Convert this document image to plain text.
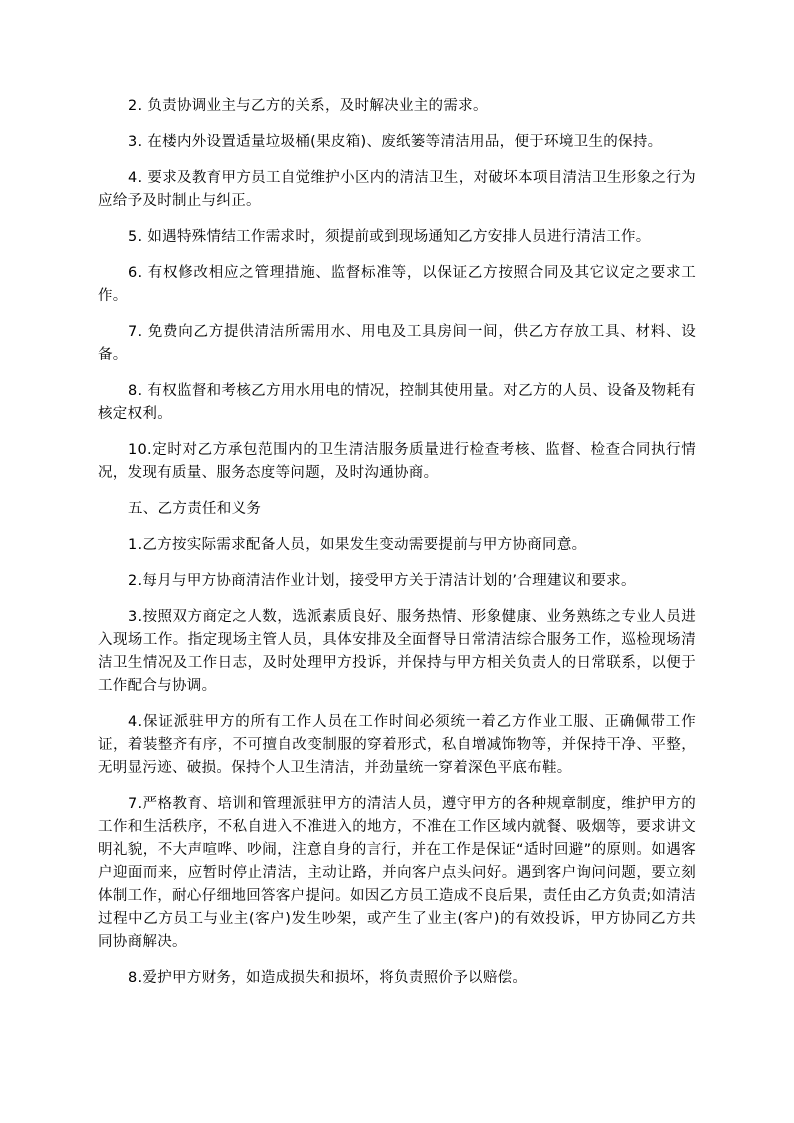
2. 负责协调业主与乙方的关系，及时解决业主的需求。

3. 在楼内外设置适量垃圾桶(果皮箱)、废纸篓等清洁用品，便于环境卫生的保持。

4. 要求及教育甲方员工自觉维护小区内的清洁卫生，对破坏本项目清洁卫生形象之行为应给予及时制止与纠正。

5. 如遇特殊情结工作需求时，须提前或到现场通知乙方安排人员进行清洁工作。

6. 有权修改相应之管理措施、监督标准等，以保证乙方按照合同及其它议定之要求工作。

7. 免费向乙方提供清洁所需用水、用电及工具房间一间，供乙方存放工具、材料、设备。

8. 有权监督和考核乙方用水用电的情况，控制其使用量。对乙方的人员、设备及物耗有核定权利。

10.定时对乙方承包范围内的卫生清洁服务质量进行检查考核、监督、检查合同执行情况，发现有质量、服务态度等问题，及时沟通协商。

五、乙方责任和义务

1.乙方按实际需求配备人员，如果发生变动需要提前与甲方协商同意。

2.每月与甲方协商清洁作业计划，接受甲方关于清洁计划的’合理建议和要求。

3.按照双方商定之人数，选派素质良好、服务热情、形象健康、业务熟练之专业人员进入现场工作。指定现场主管人员，具体安排及全面督导日常清洁综合服务工作，巡检现场清洁卫生情况及工作日志，及时处理甲方投诉，并保持与甲方相关负责人的日常联系，以便于工作配合与协调。

4.保证派驻甲方的所有工作人员在工作时间必须统一着乙方作业工服、正确佩带工作证，着装整齐有序，不可擅自改变制服的穿着形式，私自增减饰物等，并保持干净、平整，无明显污迹、破损。保持个人卫生清洁，并劲量统一穿着深色平底布鞋。

7.严格教育、培训和管理派驻甲方的清洁人员，遵守甲方的各种规章制度，维护甲方的工作和生活秩序，不私自进入不准进入的地方，不准在工作区域内就餐、吸烟等，要求讲文明礼貌，不大声喧哗、吵闹，注意自身的言行，并在工作是保证“适时回避”的原则。如遇客户迎面而来，应暂时停止清洁，主动让路，并向客户点头问好。遇到客户询问问题，要立刻体制工作，耐心仔细地回答客户提问。如因乙方员工造成不良后果，责任由乙方负责;如清洁过程中乙方员工与业主(客户)发生吵架，或产生了业主(客户)的有效投诉，甲方协同乙方共同协商解决。

8.爱护甲方财务，如造成损失和损坏，将负责照价予以赔偿。
